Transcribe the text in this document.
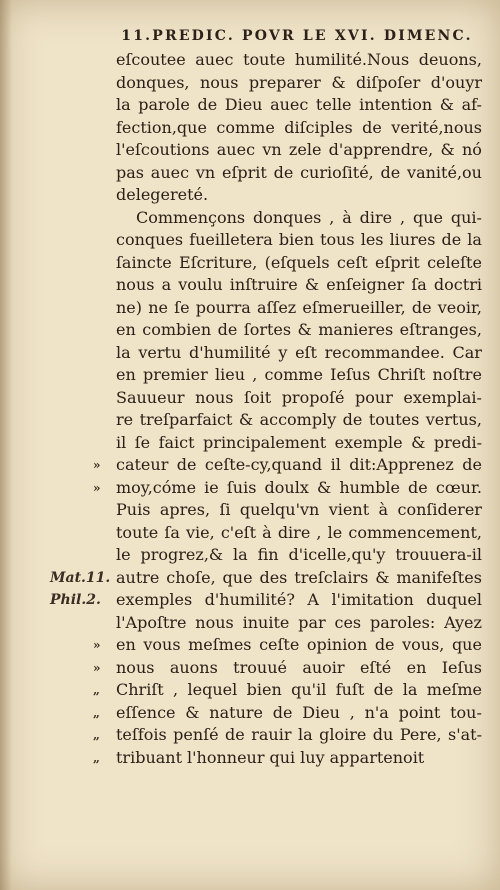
11.PREDIC. POVR LE XVI. DIMENC.
eſcoutee auec toute humilité.Nous deuons,
donques, nous preparer & diſpoſer d'ouyr
la parole de Dieu auec telle intention & af-
fection,que comme diſciples de verité,nous
l'eſcoutions auec vn zele d'apprendre, & nó
pas auec vn eſprit de curioſité, de vanité,ou
delegereté.
Commençons donques , à dire , que qui-
conques fueilletera bien tous les liures de la
ſaincte Eſcriture, (eſquels ceſt eſprit celeſte
nous a voulu inſtruire & enſeigner ſa doctri
ne) ne ſe pourra aſſez eſmerueiller, de veoir,
en combien de ſortes & manieres eſtranges,
la vertu d'humilité y eſt recommandee. Car
en premier lieu , comme Ieſus Chriſt noſtre
Sauueur nous ſoit propoſé pour exemplai-
re treſparfaict & accomply de toutes vertus,
il ſe faict principalement exemple & predi-
cateur de ceſte-cy,quand il dit:Apprenez de
moy,cóme ie ſuis doulx & humble de cœur.
Puis apres, ſi quelqu'vn vient à conſiderer
toute ſa vie, c'eſt à dire , le commencement,
le progrez,& la fin d'icelle,qu'y trouuera-il
autre choſe, que des treſclairs & manifeſtes
exemples d'humilité? A l'imitation duquel
l'Apoſtre nous inuite par ces paroles: Ayez
en vous meſmes ceſte opinion de vous, que
nous auons trouué auoir eſté en Ieſus
Chriſt , lequel bien qu'il fuſt de la meſme
eſſence & nature de Dieu , n'a point tou-
teſfois penſé de rauir la gloire du Pere, s'at-
tribuant l'honneur qui luy appartenoit
»
»
»
»
„
„
„
„
Mat.11.
Phil.2.
